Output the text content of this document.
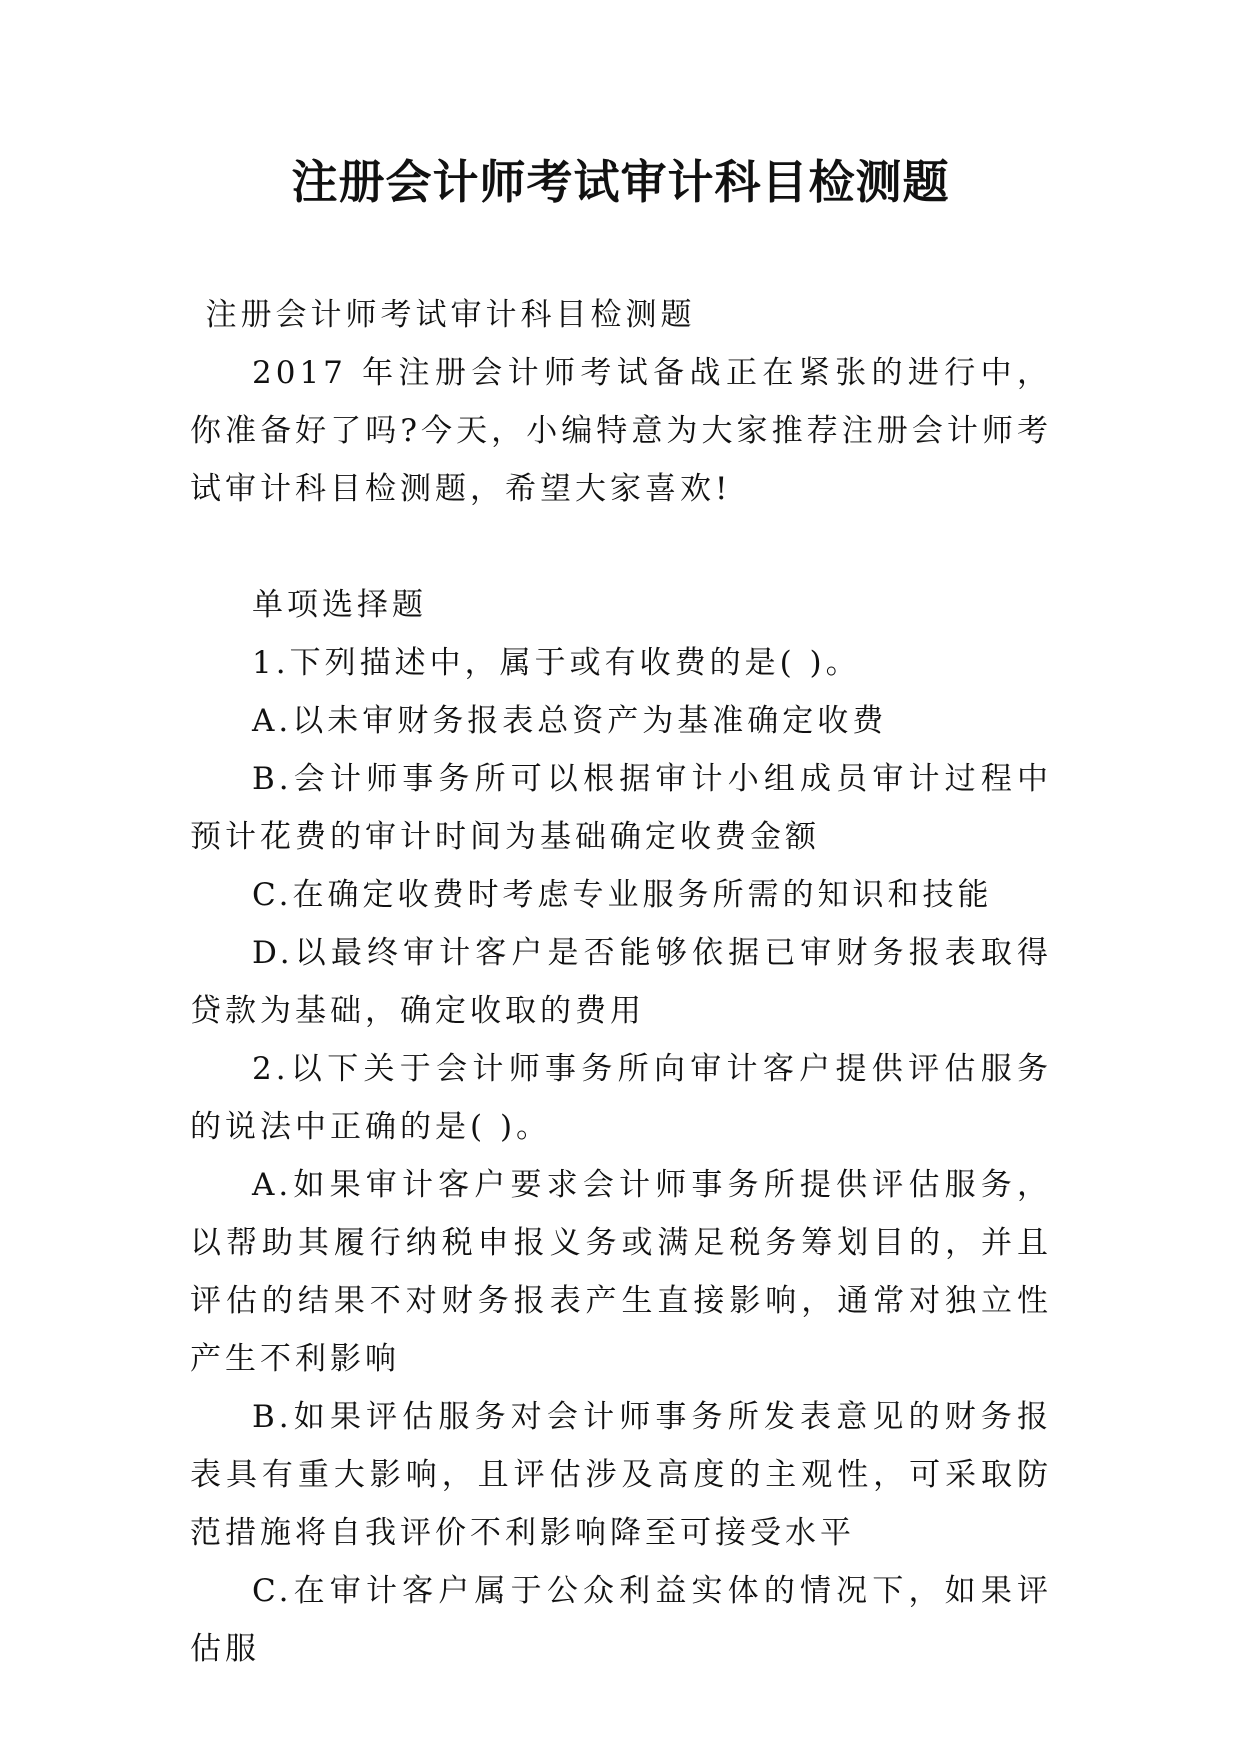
注册会计师考试审计科目检测题

注册会计师考试审计科目检测题

2017 年注册会计师考试备战正在紧张的进行中，你准备好了吗?今天，小编特意为大家推荐注册会计师考试审计科目检测题，希望大家喜欢!

单项选择题

1.下列描述中，属于或有收费的是( )。

A.以未审财务报表总资产为基准确定收费

B.会计师事务所可以根据审计小组成员审计过程中预计花费的审计时间为基础确定收费金额

C.在确定收费时考虑专业服务所需的知识和技能

D.以最终审计客户是否能够依据已审财务报表取得贷款为基础，确定收取的费用

2.以下关于会计师事务所向审计客户提供评估服务的说法中正确的是( )。

A.如果审计客户要求会计师事务所提供评估服务，以帮助其履行纳税申报义务或满足税务筹划目的，并且评估的结果不对财务报表产生直接影响，通常对独立性产生不利影响

B.如果评估服务对会计师事务所发表意见的财务报表具有重大影响，且评估涉及高度的主观性，可采取防范措施将自我评价不利影响降至可接受水平

C.在审计客户属于公众利益实体的情况下，如果评估服
